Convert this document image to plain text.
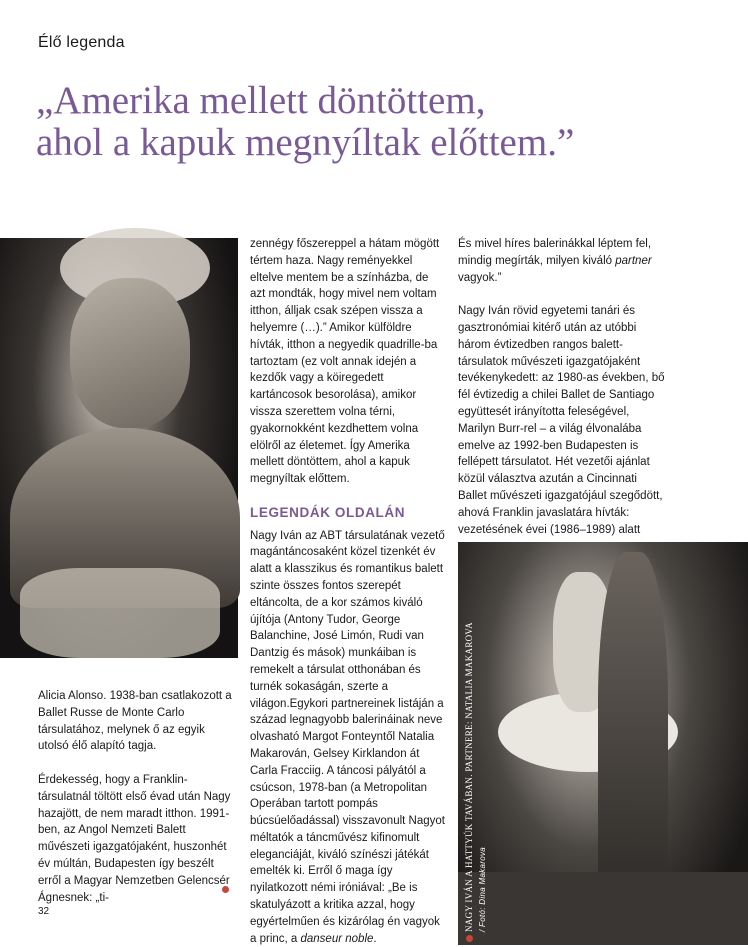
Élő legenda
„Amerika mellett döntöttem,
ahol a kapuk megnyíltak előttem.”
NAGY IVÁN A BAJADÉRBAN/ Fotó: Max Waldman	NAGY IVÁN A HATTYÚK TAVÁBAN. PARTNERE: NATALIA MAKAROVA / Fotó: Dina Makarova

zennégy főszereppel a hátam mögött tértem haza. Nagy reményekkel eltelve mentem be a színházba, de azt mondták, hogy mivel nem voltam itthon, álljak csak szépen vissza a helyemre (…).” Amikor külföldre hívták, itthon a negyedik quadrille-ba tartoztam (ez volt annak idején a kezdők vagy a köiregedett kartáncosok besorolása), amikor vissza szerettem volna térni, gyakornokként kezdhettem volna elölről az életemet. Így Amerika mellett döntöttem, ahol a kapuk megnyíltak előttem.

LEGENDÁK OLDALÁN

Nagy Iván az ABT társulatának vezető magántáncosaként közel tizenkét év alatt a klasszikus és romantikus balett szinte összes fontos szerepét eltáncolta, de a kor számos kiváló újítója (Antony Tudor, George Balanchine, José Limón, Rudi van Dantzig és mások) munkáiban is remekelt a társulat otthonában és turnék sokaságán, szerte a világon.Egykori partnereinek listáján a század legnagyobb balerináinak neve olvasható Margot Fonteyntől Natalia Makarován, Gelsey Kirklandon át Carla Fracciig. A táncosi pályától a csúcson, 1978-ban (a Metropolitan Operában tartott pompás búcsúelőadással) visszavonult Nagyot méltatók a táncművész kifinomult eleganciáját, kiváló színészi játékát emelték ki. Erről ő maga így nyilatkozott némi iróniával: „Be is skatulyázott a kritika azzal, hogy egyértelműen és kizárólag én vagyok a princ, a danseur noble.

És mivel híres balerinákkal léptem fel, mindig megírták, milyen kiváló partner vagyok.”

Nagy Iván rövid egyetemi tanári és gasztronómiai kitérő után az utóbbi három évtizedben rangos balett-társulatok művészeti igazgatójaként tevékenykedett: az 1980-as években, bő fél évtizedig a chilei Ballet de Santiago együttesét irányította feleségével, Marilyn Burr-rel – a világ élvonalába emelve az 1992-ben Budapesten is fellépett társulatot. Hét vezetői ajánlat közül választva azután a Cincinnati Ballet művészeti igazgatójául szegődött, ahová Franklin javaslatára hívták: vezetésének évei (1986–1989) alatt

Alicia Alonso. 1938-ban csatlakozott a Ballet Russe de Monte Carlo társulatához, melynek ő az egyik utolsó élő alapító tagja.

Érdekesség, hogy a Franklin-társulatnál töltött első évad után Nagy hazajött, de nem maradt itthon. 1991-ben, az Angol Nemzeti Balett művészeti igazgatójaként, huszonhét év múltán, Budapesten így beszélt erről a Magyar Nemzetben Gelencsér Ágnesnek: „ti-

32
